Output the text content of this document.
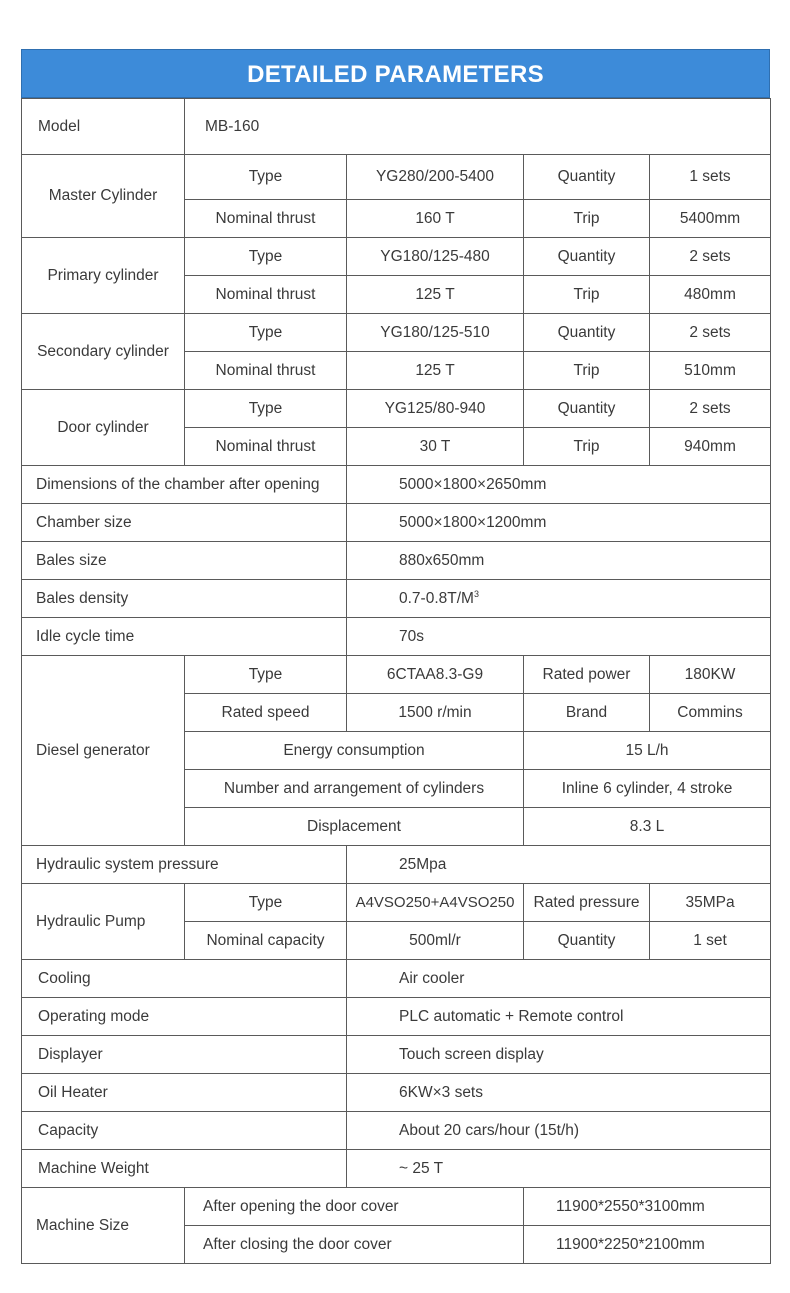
DETAILED PARAMETERS
Model	MB-160			
Master Cylinder	Type	YG280/200-5400	Quantity	1 sets
	Nominal thrust	160 T	Trip	5400mm
Primary cylinder	Type	YG180/125-480	Quantity	2 sets
	Nominal thrust	125 T	Trip	480mm
Secondary cylinder	Type	YG180/125-510	Quantity	2 sets
	Nominal thrust	125 T	Trip	510mm
Door cylinder	Type	YG125/80-940	Quantity	2 sets
	Nominal thrust	30 T	Trip	940mm
Dimensions of the chamber after opening		5000×1800×2650mm		
Chamber size		5000×1800×1200mm		
Bales size		880x650mm		
Bales density		$0.7-0.8T/M^3$
Idle cycle time		70s		
Diesel generator	Type	6CTAA8.3-G9	Rated power	180KW
	Rated speed	1500 r/min	Brand	Commins
	Energy consumption		15 L/h	
	Number and arrangement of cylinders		Inline 6 cylinder, 4 stroke	
	Displacement		8.3 L	
Hydraulic system pressure		25Mpa		
Hydraulic Pump	Type	A4VSO250+A4VSO250	Rated pressure	35MPa
	Nominal capacity	500ml/r	Quantity	1 set
Cooling		Air cooler		
Operating mode		PLC automatic + Remote control		
Displayer		Touch screen display		
Oil Heater		6KW×3 sets		
Capacity		About 20 cars/hour (15t/h)		
Machine Weight		~ 25 T		
Machine Size	After opening the door cover		11900*2550*3100mm	
	After closing the door cover		11900*2250*2100mm	
